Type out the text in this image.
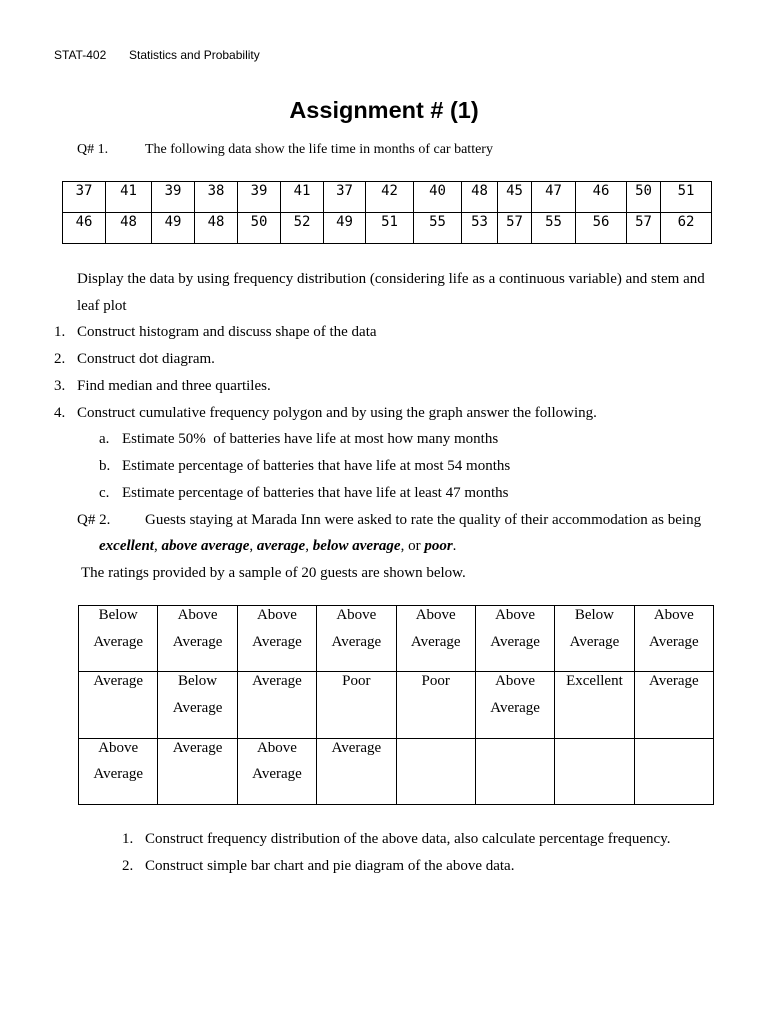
STAT-402	Statistics and Probability
Assignment # (1)
Q# 1.	The following data show the life time in months of car battery
37	41	39	38	39	41	37	42	40	48	45	47	46	50	51
46	48	49	48	50	52	49	51	55	53	57	55	56	57	62

Display the data by using frequency distribution (considering life as a continuous variable) and stem and leaf plot

1. Construct histogram and discuss shape of the data
2. Construct dot diagram.
3. Find median and three quartiles.
4. Construct cumulative frequency polygon and by using the graph answer the following.
a. Estimate 50%  of batteries have life at most how many months
b. Estimate percentage of batteries that have life at most 54 months
c. Estimate percentage of batteries that have life at least 47 months
Q# 2.	Guests staying at Marada Inn were asked to rate the quality of their accommodation as being
excellent, above average, average, below average, or poor.
The ratings provided by a sample of 20 guests are shown below.
Below Average	Above Average	Above Average	Above Average	Above Average	Above Average	Below Average	Above Average

Average	Below Average	Average	Poor	Poor	Above Average	Excellent	Average

Above Average	Average	Above Average	Average				

1. Construct frequency distribution of the above data, also calculate percentage frequency.
2. Construct simple bar chart and pie diagram of the above data.
